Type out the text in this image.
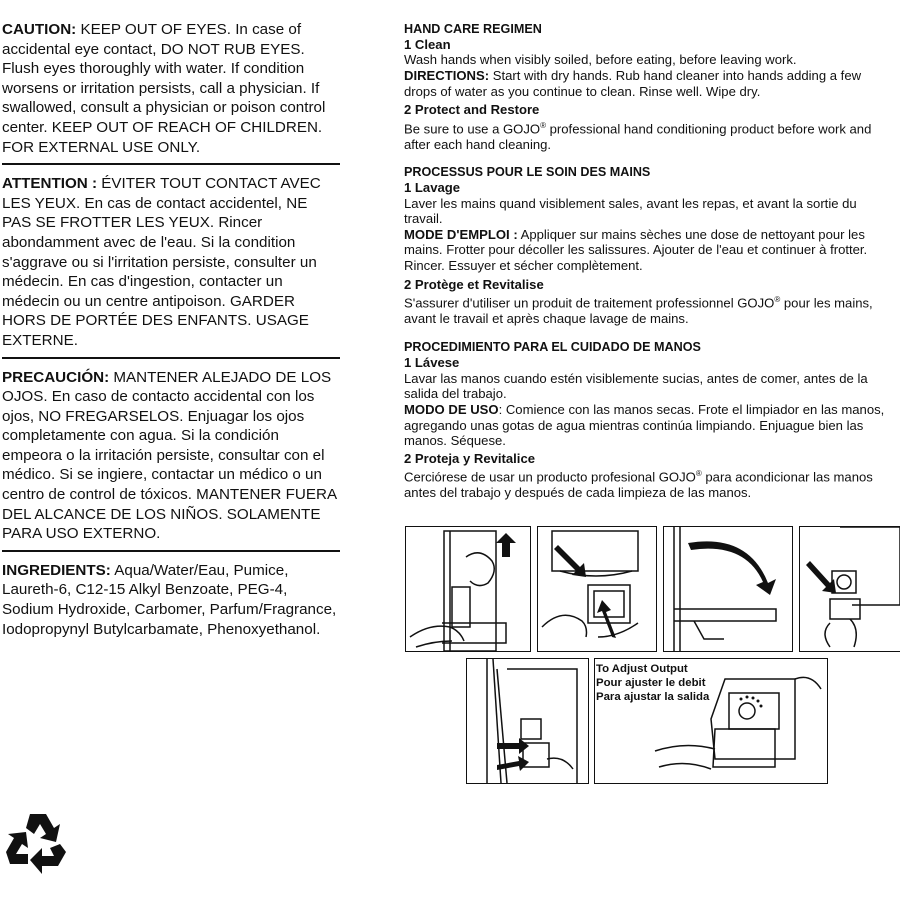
CAUTION: KEEP OUT OF EYES. In case of accidental eye contact, DO NOT RUB EYES. Flush eyes thoroughly with water. If condition worsens or irritation persists, call a physician. If swallowed, consult a physician or poison control center. KEEP OUT OF REACH OF CHILDREN. FOR EXTERNAL USE ONLY.

ATTENTION : ÉVITER TOUT CONTACT AVEC LES YEUX. En cas de contact accidentel, NE PAS SE FROTTER LES YEUX. Rincer abondamment avec de l'eau. Si la condition s'aggrave ou si l'irritation persiste, consulter un médecin. En cas d'ingestion, contacter un médecin ou un centre antipoison. GARDER HORS DE PORTÉE DES ENFANTS. USAGE EXTERNE.

PRECAUCIÓN: MANTENER ALEJADO DE LOS OJOS. En caso de contacto accidental con los ojos, NO FREGARSELOS. Enjuagar los ojos completamente con agua. Si la condición empeora o la irritación persiste, consultar con el médico. Si se ingiere, contactar un médico o un centro de control de tóxicos. MANTENER FUERA DEL ALCANCE DE LOS NIÑOS. SOLAMENTE PARA USO EXTERNO.

INGREDIENTS: Aqua/Water/Eau, Pumice, Laureth-6, C12-15 Alkyl Benzoate, PEG-4, Sodium Hydroxide, Carbomer, Parfum/Fragrance, Iodopropynyl Butylcarbamate, Phenoxyethanol.

HAND CARE REGIMEN
1 Clean

Wash hands when visibly soiled, before eating, before leaving work.

DIRECTIONS: Start with dry hands. Rub hand cleaner into hands adding a few drops of water as you continue to clean. Rinse well. Wipe dry.

2 Protect and Restore

Be sure to use a GOJO® professional hand conditioning product before work and after each hand cleaning.

PROCESSUS POUR LE SOIN DES MAINS
1 Lavage

Laver les mains quand visiblement sales, avant les repas, et avant la sortie du travail.

MODE D'EMPLOI : Appliquer sur mains sèches une dose de nettoyant pour les mains. Frotter pour décoller les salissures. Ajouter de l'eau et continuer à frotter. Rincer. Essuyer et sécher complètement.

2 Protège et Revitalise

S'assurer d'utiliser un produit de traitement professionnel GOJO® pour les mains, avant le travail et après chaque lavage de mains.

PROCEDIMIENTO PARA EL CUIDADO DE MANOS
1 Lávese

Lavar las manos cuando estén visiblemente sucias, antes de comer, antes de la salida del trabajo.

MODO DE USO: Comience con las manos secas. Frote el limpiador en las manos, agregando unas gotas de agua mientras continúa limpiando. Enjuague bien las manos. Séquese.

2 Proteja y Revitalice

Cerciórese de usar un producto profesional GOJO® para acondicionar las manos antes del trabajo y después de cada limpieza de las manos.

To Adjust Output
Pour ajuster le debit
Para ajustar la salida
